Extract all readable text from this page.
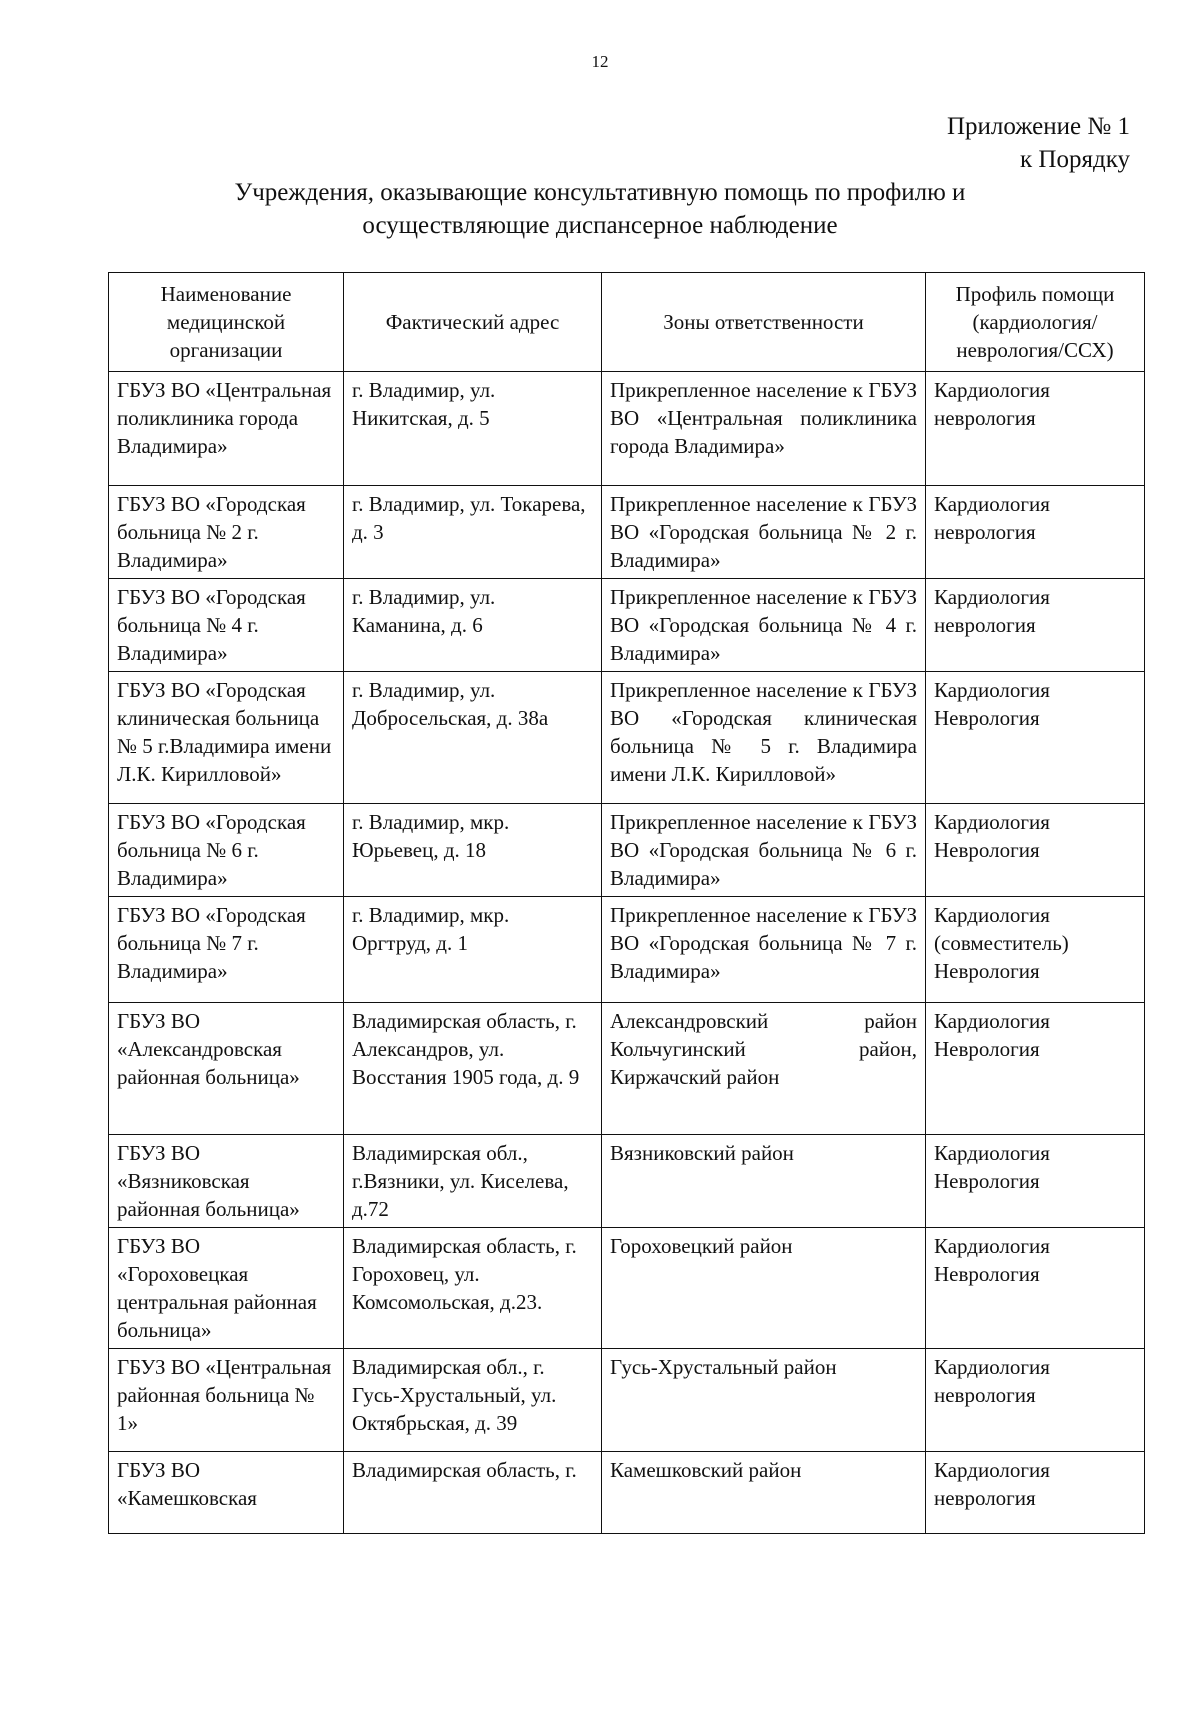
12
Приложение № 1
к Порядку
Учреждения, оказывающие консультативную помощь по профилю и
осуществляющие диспансерное наблюдение
Наименование медицинской организации	Фактический адрес	Зоны ответственности	Профиль помощи (кардиология/неврология/ССХ)
ГБУЗ ВО «Центральная поликлиника города Владимира»	г. Владимир, ул. Никитская, д. 5	Прикрепленное население к ГБУЗ ВО «Центральная поликлиника города Владимира»	Кардиология
неврология

ГБУЗ ВО «Городская больница № 2 г. Владимира»	г. Владимир, ул. Токарева, д. 3	Прикрепленное население к ГБУЗ ВО «Городская больница № 2 г. Владимира»	Кардиология
неврология

ГБУЗ ВО «Городская больница № 4 г. Владимира»	г. Владимир, ул. Каманина, д. 6	Прикрепленное население к ГБУЗ ВО «Городская больница № 4 г. Владимира»	Кардиология
неврология

ГБУЗ ВО «Городская клиническая больница № 5 г.Владимира имени Л.К. Кирилловой»	г. Владимир, ул. Добросельская, д. 38а	Прикрепленное население к ГБУЗ ВО «Городская клиническая больница № 5 г. Владимира имени Л.К. Кирилловой»	Кардиология
Неврология

ГБУЗ ВО «Городская больница № 6 г. Владимира»	г. Владимир, мкр. Юрьевец, д. 18	Прикрепленное население к ГБУЗ ВО «Городская больница № 6 г. Владимира»	Кардиология
Неврология

ГБУЗ ВО «Городская больница № 7 г. Владимира»	г. Владимир, мкр. Оргтруд, д. 1	Прикрепленное население к ГБУЗ ВО «Городская больница № 7 г. Владимира»	Кардиология
(совместитель)
Неврология

ГБУЗ ВО «Александровская районная больница»	Владимирская область, г. Александров, ул. Восстания 1905 года, д. 9	Александровский район Кольчугинский район, Киржачский район	Кардиология
Неврология

ГБУЗ ВО «Вязниковская районная больница»	Владимирская обл., г.Вязники, ул. Киселева, д.72	Вязниковский район	Кардиология
Неврология

ГБУЗ ВО «Гороховецкая центральная районная больница»	Владимирская область, г. Гороховец, ул. Комсомольская, д.23.	Гороховецкий район	Кардиология
Неврология

ГБУЗ ВО «Центральная районная больница № 1»	Владимирская обл., г. Гусь-Хрустальный, ул. Октябрьская, д. 39	Гусь-Хрустальный район	Кардиология
неврология

ГБУЗ ВО «Камешковская	Владимирская область, г.	Камешковский район	Кардиология
неврология
